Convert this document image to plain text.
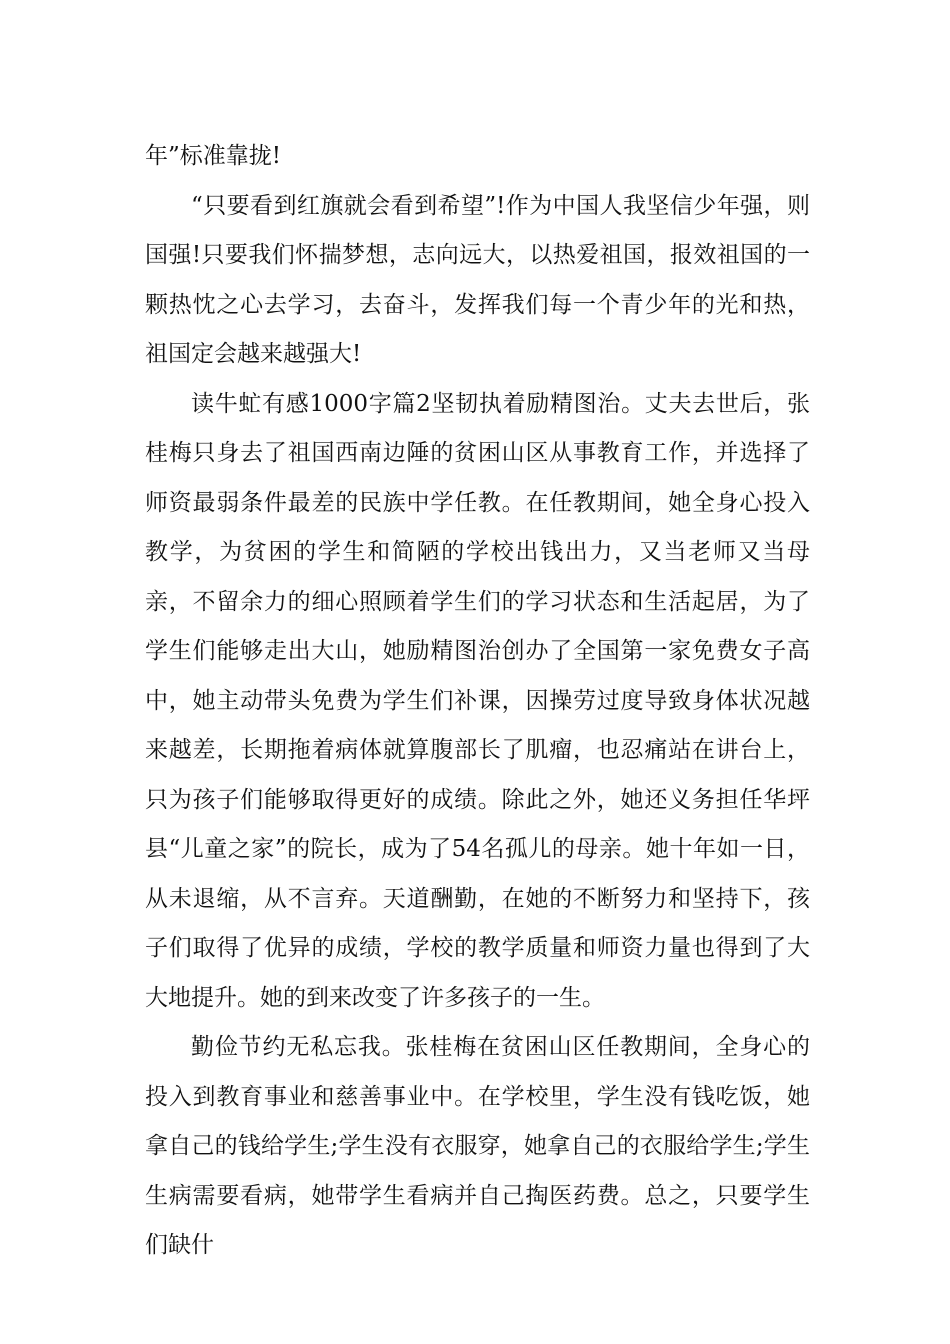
年”标准靠拢!

“只要看到红旗就会看到希望”!作为中国人我坚信少年强，则国强!只要我们怀揣梦想，志向远大，以热爱祖国，报效祖国的一颗热忱之心去学习，去奋斗，发挥我们每一个青少年的光和热，祖国定会越来越强大!

读牛虻有感1000字篇2坚韧执着励精图治。丈夫去世后，张桂梅只身去了祖国西南边陲的贫困山区从事教育工作，并选择了师资最弱条件最差的民族中学任教。在任教期间，她全身心投入教学，为贫困的学生和简陋的学校出钱出力，又当老师又当母亲，不留余力的细心照顾着学生们的学习状态和生活起居，为了学生们能够走出大山，她励精图治创办了全国第一家免费女子高中，她主动带头免费为学生们补课，因操劳过度导致身体状况越来越差，长期拖着病体就算腹部长了肌瘤，也忍痛站在讲台上，只为孩子们能够取得更好的成绩。除此之外，她还义务担任华坪县“儿童之家”的院长，成为了54名孤儿的母亲。她十年如一日，从未退缩，从不言弃。天道酬勤，在她的不断努力和坚持下，孩子们取得了优异的成绩，学校的教学质量和师资力量也得到了大大地提升。她的到来改变了许多孩子的一生。

勤俭节约无私忘我。张桂梅在贫困山区任教期间，全身心的投入到教育事业和慈善事业中。在学校里，学生没有钱吃饭，她拿自己的钱给学生;学生没有衣服穿，她拿自己的衣服给学生;学生生病需要看病，她带学生看病并自己掏医药费。总之，只要学生们缺什
